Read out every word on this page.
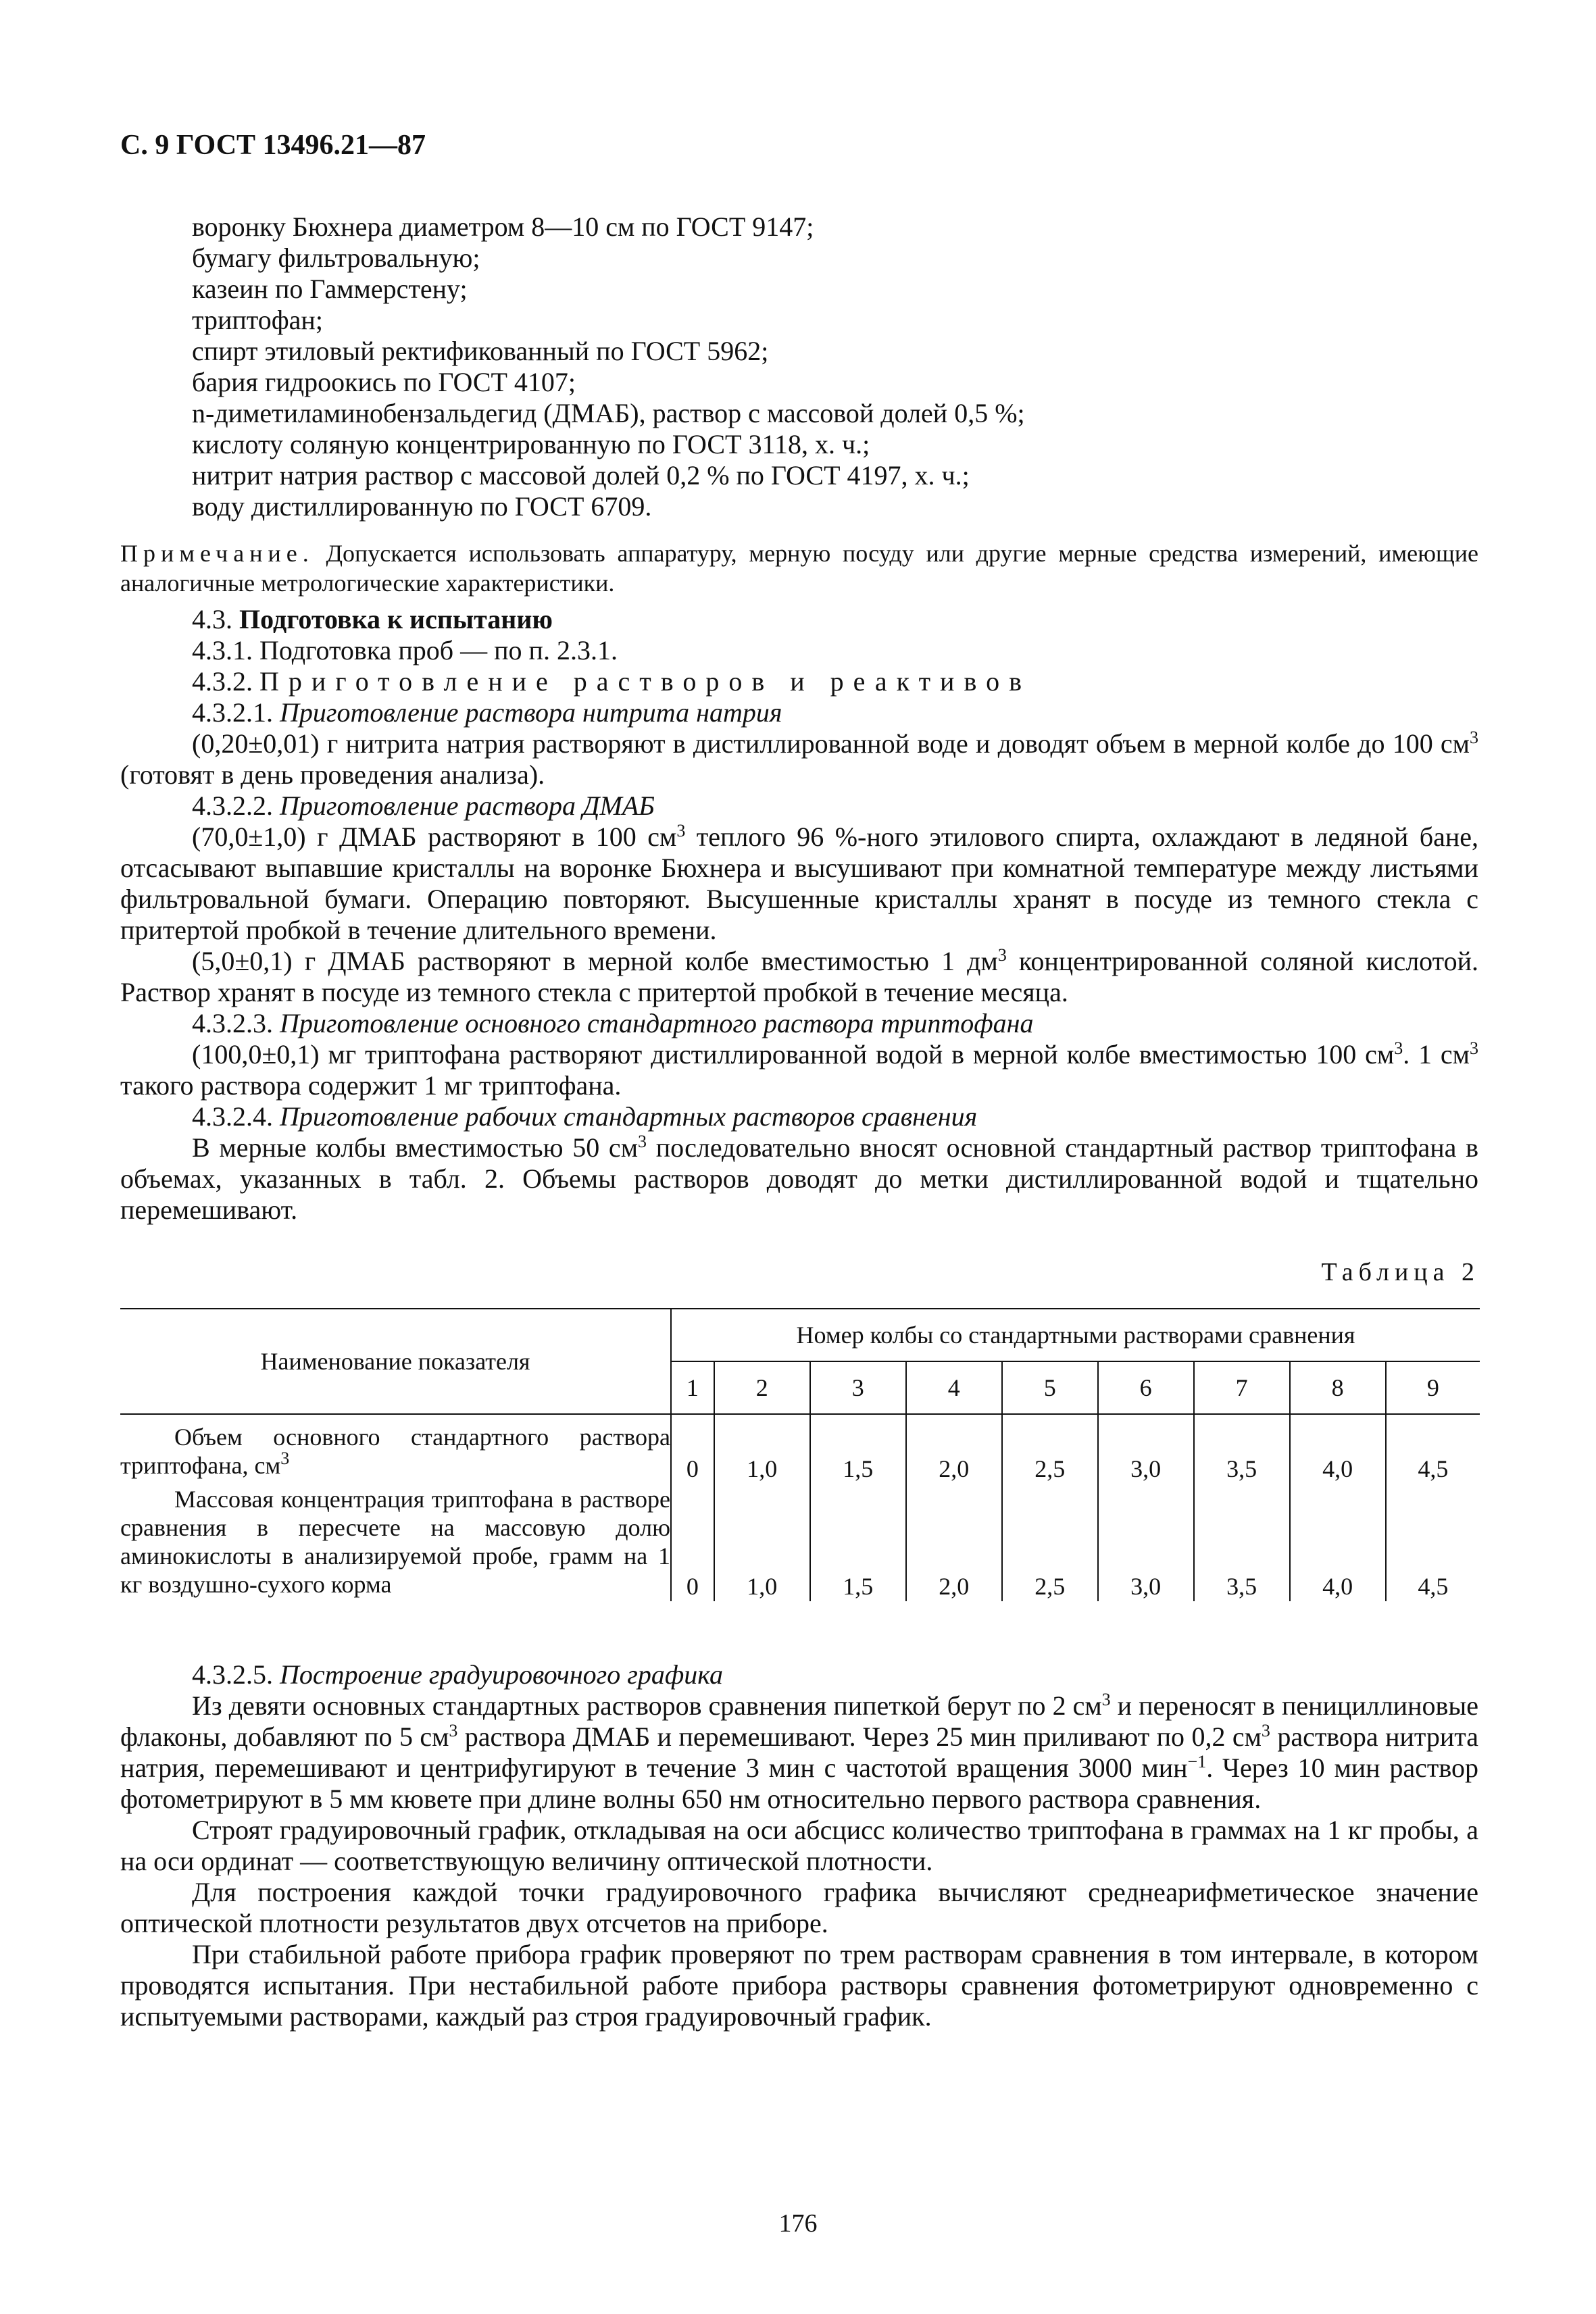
С. 9 ГОСТ 13496.21—87
воронку Бюхнера диаметром 8—10 см по ГОСТ 9147;
бумагу фильтровальную;
казеин по Гаммерстену;
триптофан;
спирт этиловый ректификованный по ГОСТ 5962;
бария гидроокись по ГОСТ 4107;
n-диметиламинобензальдегид (ДМАБ), раствор с массовой долей 0,5 %;
кислоту соляную концентрированную по ГОСТ 3118, х. ч.;
нитрит натрия раствор с массовой долей 0,2 % по ГОСТ 4197, х. ч.;
воду дистиллированную по ГОСТ 6709.
Примечание. Допускается использовать аппаратуру, мерную посуду или другие мерные средства измерений, имеющие аналогичные метрологические характеристики.
4.3. Подготовка к испытанию
4.3.1. Подготовка проб — по п. 2.3.1.
4.3.2. Приготовление растворов и реактивов
4.3.2.1. Приготовление раствора нитрита натрия
(0,20±0,01) г нитрита натрия растворяют в дистиллированной воде и доводят объем в мерной колбе до 100 $см^3$ (готовят в день проведения анализа).
4.3.2.2. Приготовление раствора ДМАБ
(70,0±1,0) г ДМАБ растворяют в 100 $см^3$ теплого 96 %-ного этилового спирта, охлаждают в ледяной бане, отсасывают выпавшие кристаллы на воронке Бюхнера и высушивают при комнатной температуре между листьями фильтровальной бумаги. Операцию повторяют. Высушенные кристаллы хранят в посуде из темного стекла с притертой пробкой в течение длительного времени.
(5,0±0,1) г ДМАБ растворяют в мерной колбе вместимостью 1 $дм^3$ концентрированной соляной кислотой. Раствор хранят в посуде из темного стекла с притертой пробкой в течение месяца.
4.3.2.3. Приготовление основного стандартного раствора триптофана
(100,0±0,1) мг триптофана растворяют дистиллированной водой в мерной колбе вместимостью 100 $см^3$. 1 $см^3$ такого раствора содержит 1 мг триптофана.
4.3.2.4. Приготовление рабочих стандартных растворов сравнения
В мерные колбы вместимостью 50 $см^3$ последовательно вносят основной стандартный раствор триптофана в объемах, указанных в табл. 2. Объемы растворов доводят до метки дистиллированной водой и тщательно перемешивают.
Таблица 2
Наименование показателя	Номер колбы со стандартными растворами сравнения								
	1	2	3	4	5	6	7	8	9
Объем основного стандартного раствора триптофана, $см^3$	0	1,0	1,5	2,0	2,5	3,0	3,5	4,0	4,5
Массовая концентрация триптофана в растворе сравнения в пересчете на массовую долю аминокислоты в анализируемой пробе, грамм на 1 кг воздушно-сухого корма	0	1,0	1,5	2,0	2,5	3,0	3,5	4,0	4,5
4.3.2.5. Построение градуировочного графика
Из девяти основных стандартных растворов сравнения пипеткой берут по 2 $см^3$ и переносят в пенициллиновые флаконы, добавляют по 5 $см^3$ раствора ДМАБ и перемешивают. Через 25 мин приливают по 0,2 $см^3$ раствора нитрита натрия, перемешивают и центрифугируют в течение 3 мин с частотой вращения 3000 мин$^{-1}$. Через 10 мин раствор фотометрируют в 5 мм кювете при длине волны 650 нм относительно первого раствора сравнения.
Строят градуировочный график, откладывая на оси абсцисс количество триптофана в граммах на 1 кг пробы, а на оси ординат — соответствующую величину оптической плотности.
Для построения каждой точки градуировочного графика вычисляют среднеарифметическое значение оптической плотности результатов двух отсчетов на приборе.
При стабильной работе прибора график проверяют по трем растворам сравнения в том интервале, в котором проводятся испытания. При нестабильной работе прибора растворы сравнения фотометрируют одновременно с испытуемыми растворами, каждый раз строя градуировочный график.
176
